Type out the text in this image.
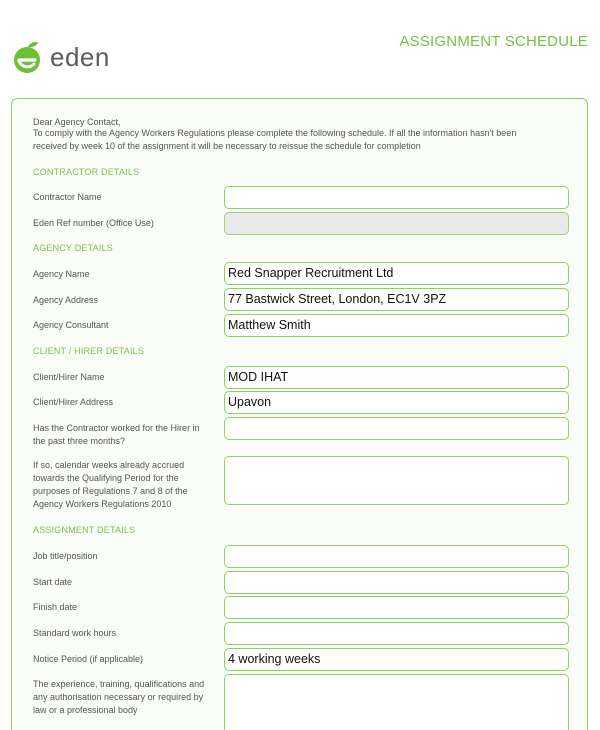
eden
ASSIGNMENT SCHEDULE
Dear Agency Contact,
To comply with the Agency Workers Regulations please complete the following schedule. If all the information hasn't been
received by week 10 of the assignment it will be necessary to reissue the schedule for completion
CONTRACTOR DETAILS
Contractor Name
Eden Ref number (Office Use)
AGENCY DETAILS
Agency Name	Red Snapper Recruitment Ltd
Agency Address	77 Bastwick Street, London, EC1V 3PZ
Agency Consultant	Matthew Smith
CLIENT / HIRER DETAILS
Client/Hirer Name	MOD IHAT
Client/Hirer Address	Upavon
Has the Contractor worked for the Hirer in
the past three months?
If so, calendar weeks already accrued
towards the Qualifying Period for the
purposes of Regulations 7 and 8 of the
Agency Workers Regulations 2010
ASSIGNMENT DETAILS
Job title/position
Start date
Finish date
Standard work hours
Notice Period (if applicable)	4 working weeks
The experience, training, qualifications and
any authorisation necessary or required by
law or a professional body
